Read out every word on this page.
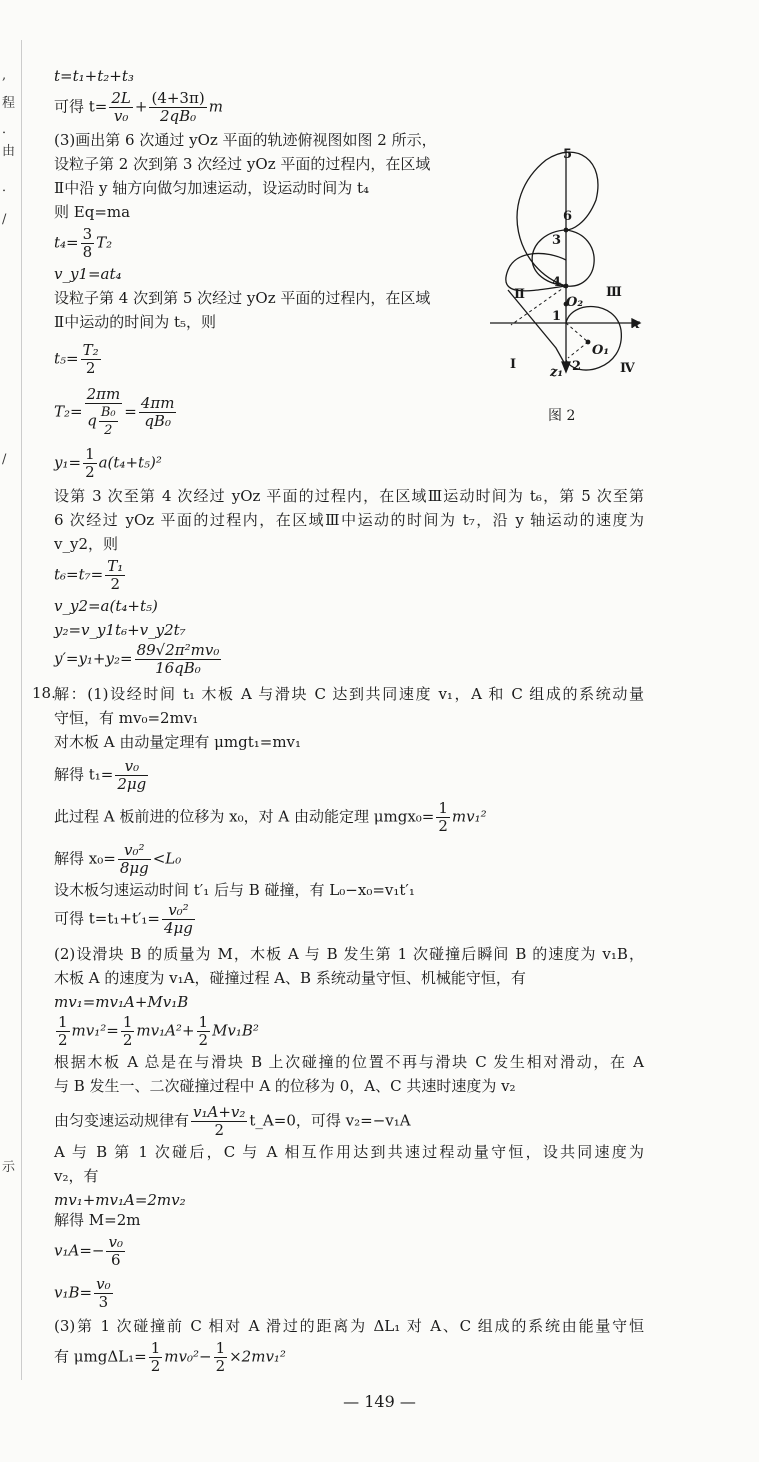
,
程
．
由
．
/
/
示
t=t₁+t₂+t₃
可得 $t= \frac{2L}{\text{v₀}} + \frac{(4+3\pi)}{\text{2qB₀}}$ m
(3)画出第 6 次通过 yOz 平面的轨迹俯视图如图 2 所示，
设粒子第 2 次到第 3 次经过 yOz 平面的过程内，在区域
Ⅱ中沿 y 轴方向做匀加速运动，设运动时间为 t₄
则 Eq=ma
$t_4= \frac{3}{8} T_2$
v_y1=at₄
设粒子第 4 次到第 5 次经过 yOz 平面的过程内，在区域
Ⅱ中运动的时间为 t₅，则
$t_5= \frac{\text{T₂}}{2}$
$T_2= \frac{2\pi m}{q \frac{\text{B₀}}{2}} = \frac{4\pi m}{\text{qB₀}}$
$y_1= \frac{1}{2} a(t_4+t_5)^2$
设第 3 次至第 4 次经过 yOz 平面的过程内，在区域Ⅲ运动时间为 t₆，第 5 次至第
6 次经过 yOz 平面的过程内，在区域Ⅲ中运动的时间为 t₇，沿 y 轴运动的速度为
v_y2，则
$t_6=t_7= \frac{\text{T₁}}{2}$
v_y2=a(t₄+t₅)
y₂=v_y1t₆+v_y2t₇
$y'=y_1+y_2= \frac{\text{89√2π²mv₀}}{\text{16qB₀}}$
5
6
3
4
O₂
1
2
O₁
x
z₁
Ⅱ	Ⅲ
Ⅰ	Ⅳ
图 2
18.
解：(1)设经时间 t₁ 木板 A 与滑块 C 达到共同速度 v₁，A 和 C 组成的系统动量
守恒，有 mv₀=2mv₁
对木板 A 由动量定理有 μmgt₁=mv₁
解得 $t_1= \frac{\text{v₀}}{2\mu g}$
此过程 A 板前进的位移为 x₀，对 A 由动能定理 $\mu mgx_0= \frac{1}{2} mv_1^2$
解得 $x_0= \frac{\text{v₀²}}{8\mu g} <L_0$
设木板匀速运动时间 t′₁ 后与 B 碰撞，有 L₀−x₀=v₁t′₁
可得 $t=t_1+t'_1= \frac{\text{v₀²}}{4\mu g}$
(2)设滑块 B 的质量为 M，木板 A 与 B 发生第 1 次碰撞后瞬间 B 的速度为 v₁B，
木板 A 的速度为 v₁A，碰撞过程 A、B 系统动量守恒、机械能守恒，有
mv₁=mv₁A+Mv₁B
$\frac{1}{2} mv_1^2= \frac{1}{2} mv_1A^2+ \frac{1}{2} Mv_1B^2$
根据木板 A 总是在与滑块 B 上次碰撞的位置不再与滑块 C 发生相对滑动，在 A
与 B 发生一、二次碰撞过程中 A 的位移为 0，A、C 共速时速度为 v₂
由匀变速运动规律有 $\frac{\text{v₁A+v₂}}{2}$ t_A=0，可得 v₂=−v₁A
A 与 B 第 1 次碰后，C 与 A 相互作用达到共速过程动量守恒，设共同速度为
v₂，有
mv₁+mv₁A=2mv₂
解得 M=2m
$v_1A=- \frac{\text{v₀}}{6}$
$v_1B= \frac{\text{v₀}}{3}$
(3)第 1 次碰撞前 C 相对 A 滑过的距离为 ΔL₁ 对 A、C 组成的系统由能量守恒
有 $\mu mg\Delta L_1= \frac{1}{2} mv_0^2- \frac{1}{2} \times 2mv_1^2$
— 149 —
